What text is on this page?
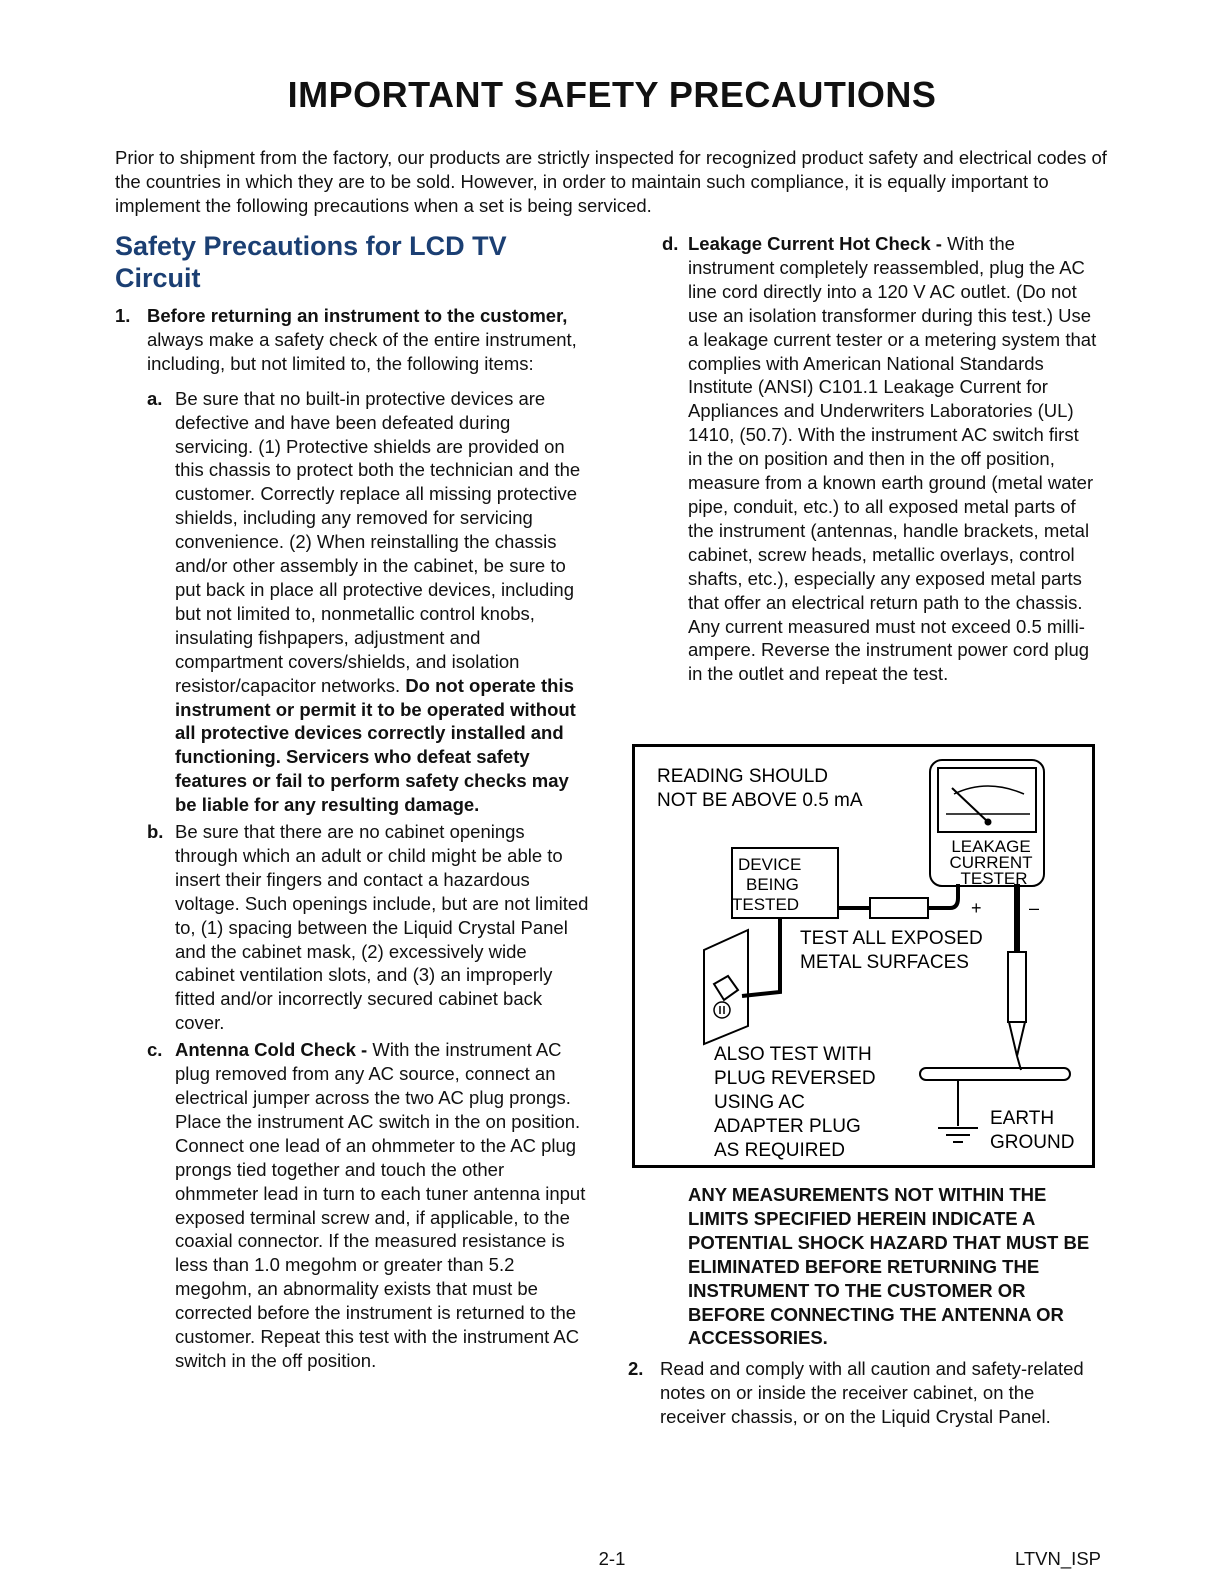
IMPORTANT SAFETY PRECAUTIONS

Prior to shipment from the factory, our products are strictly inspected for recognized product safety and electrical codes of the countries in which they are to be sold. However, in order to maintain such compliance, it is equally important to implement the following precautions when a set is being serviced.

Safety Precautions for LCD TV Circuit
1. Before returning an instrument to the customer, always make a safety check of the entire instrument, including, but not limited to, the following items:

a. Be sure that no built-in protective devices are defective and have been defeated during servicing. (1) Protective shields are provided on this chassis to protect both the technician and the customer. Correctly replace all missing protective shields, including any removed for servicing convenience. (2) When reinstalling the chassis and/or other assembly in the cabinet, be sure to put back in place all protective devices, including but not limited to, nonmetallic control knobs, insulating fishpapers, adjustment and compartment covers/shields, and isolation resistor/capacitor networks. Do not operate this instrument or permit it to be operated without all protective devices correctly installed and functioning. Servicers who defeat safety features or fail to perform safety checks may be liable for any resulting damage.

b. Be sure that there are no cabinet openings through which an adult or child might be able to insert their fingers and contact a hazardous voltage. Such openings include, but are not limited to, (1) spacing between the Liquid Crystal Panel and the cabinet mask, (2) excessively wide cabinet ventilation slots, and (3) an improperly fitted and/or incorrectly secured cabinet back cover.

c. Antenna Cold Check - With the instrument AC plug removed from any AC source, connect an electrical jumper across the two AC plug prongs. Place the instrument AC switch in the on position. Connect one lead of an ohmmeter to the AC plug prongs tied together and touch the other ohmmeter lead in turn to each tuner antenna input exposed terminal screw and, if applicable, to the coaxial connector. If the measured resistance is less than 1.0 megohm or greater than 5.2 megohm, an abnormality exists that must be corrected before the instrument is returned to the customer. Repeat this test with the instrument AC switch in the off position.

d. Leakage Current Hot Check - With the instrument completely reassembled, plug the AC line cord directly into a 120 V AC outlet. (Do not use an isolation transformer during this test.) Use a leakage current tester or a metering system that complies with American National Standards Institute (ANSI) C101.1 Leakage Current for Appliances and Underwriters Laboratories (UL) 1410, (50.7). With the instrument AC switch first in the on position and then in the off position, measure from a known earth ground (metal water pipe, conduit, etc.) to all exposed metal parts of the instrument (antennas, handle brackets, metal cabinet, screw heads, metallic overlays, control shafts, etc.), especially any exposed metal parts that offer an electrical return path to the chassis. Any current measured must not exceed 0.5 milli-ampere. Reverse the instrument power cord plug in the outlet and repeat the test.

READING SHOULD
NOT BE ABOVE 0.5 mA
LEAKAGE
CURRENT
TESTER
DEVICE
BEING
TESTED	+	–
TEST ALL EXPOSED
METAL SURFACES
ALSO TEST WITH
PLUG REVERSED
USING AC
ADAPTER PLUG
AS REQUIRED
EARTH
GROUND

ANY MEASUREMENTS NOT WITHIN THE LIMITS SPECIFIED HEREIN INDICATE A POTENTIAL SHOCK HAZARD THAT MUST BE ELIMINATED BEFORE RETURNING THE INSTRUMENT TO THE CUSTOMER OR BEFORE CONNECTING THE ANTENNA OR ACCESSORIES.

2. Read and comply with all caution and safety-related notes on or inside the receiver cabinet, on the receiver chassis, or on the Liquid Crystal Panel.

2-1	LTVN_ISP
